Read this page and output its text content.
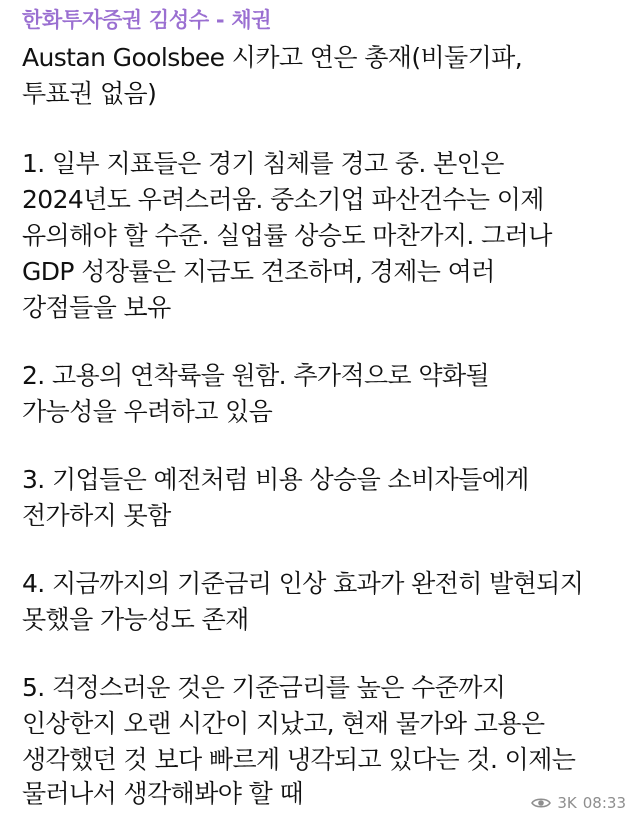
한화투자증권 김성수 - 채권
Austan Goolsbee 시카고 연은 총재(비둘기파,
투표권 없음)
1. 일부 지표들은 경기 침체를 경고 중. 본인은
2024년도 우려스러움. 중소기업 파산건수는 이제
유의해야 할 수준. 실업률 상승도 마찬가지. 그러나
GDP 성장률은 지금도 견조하며, 경제는 여러
강점들을 보유
2. 고용의 연착륙을 원함. 추가적으로 약화될
가능성을 우려하고 있음
3. 기업들은 예전처럼 비용 상승을 소비자들에게
전가하지 못함
4. 지금까지의 기준금리 인상 효과가 완전히 발현되지
못했을 가능성도 존재
5. 걱정스러운 것은 기준금리를 높은 수준까지
인상한지 오랜 시간이 지났고, 현재 물가와 고용은
생각했던 것 보다 빠르게 냉각되고 있다는 것. 이제는
물러나서 생각해봐야 할 때	3K 08:33
